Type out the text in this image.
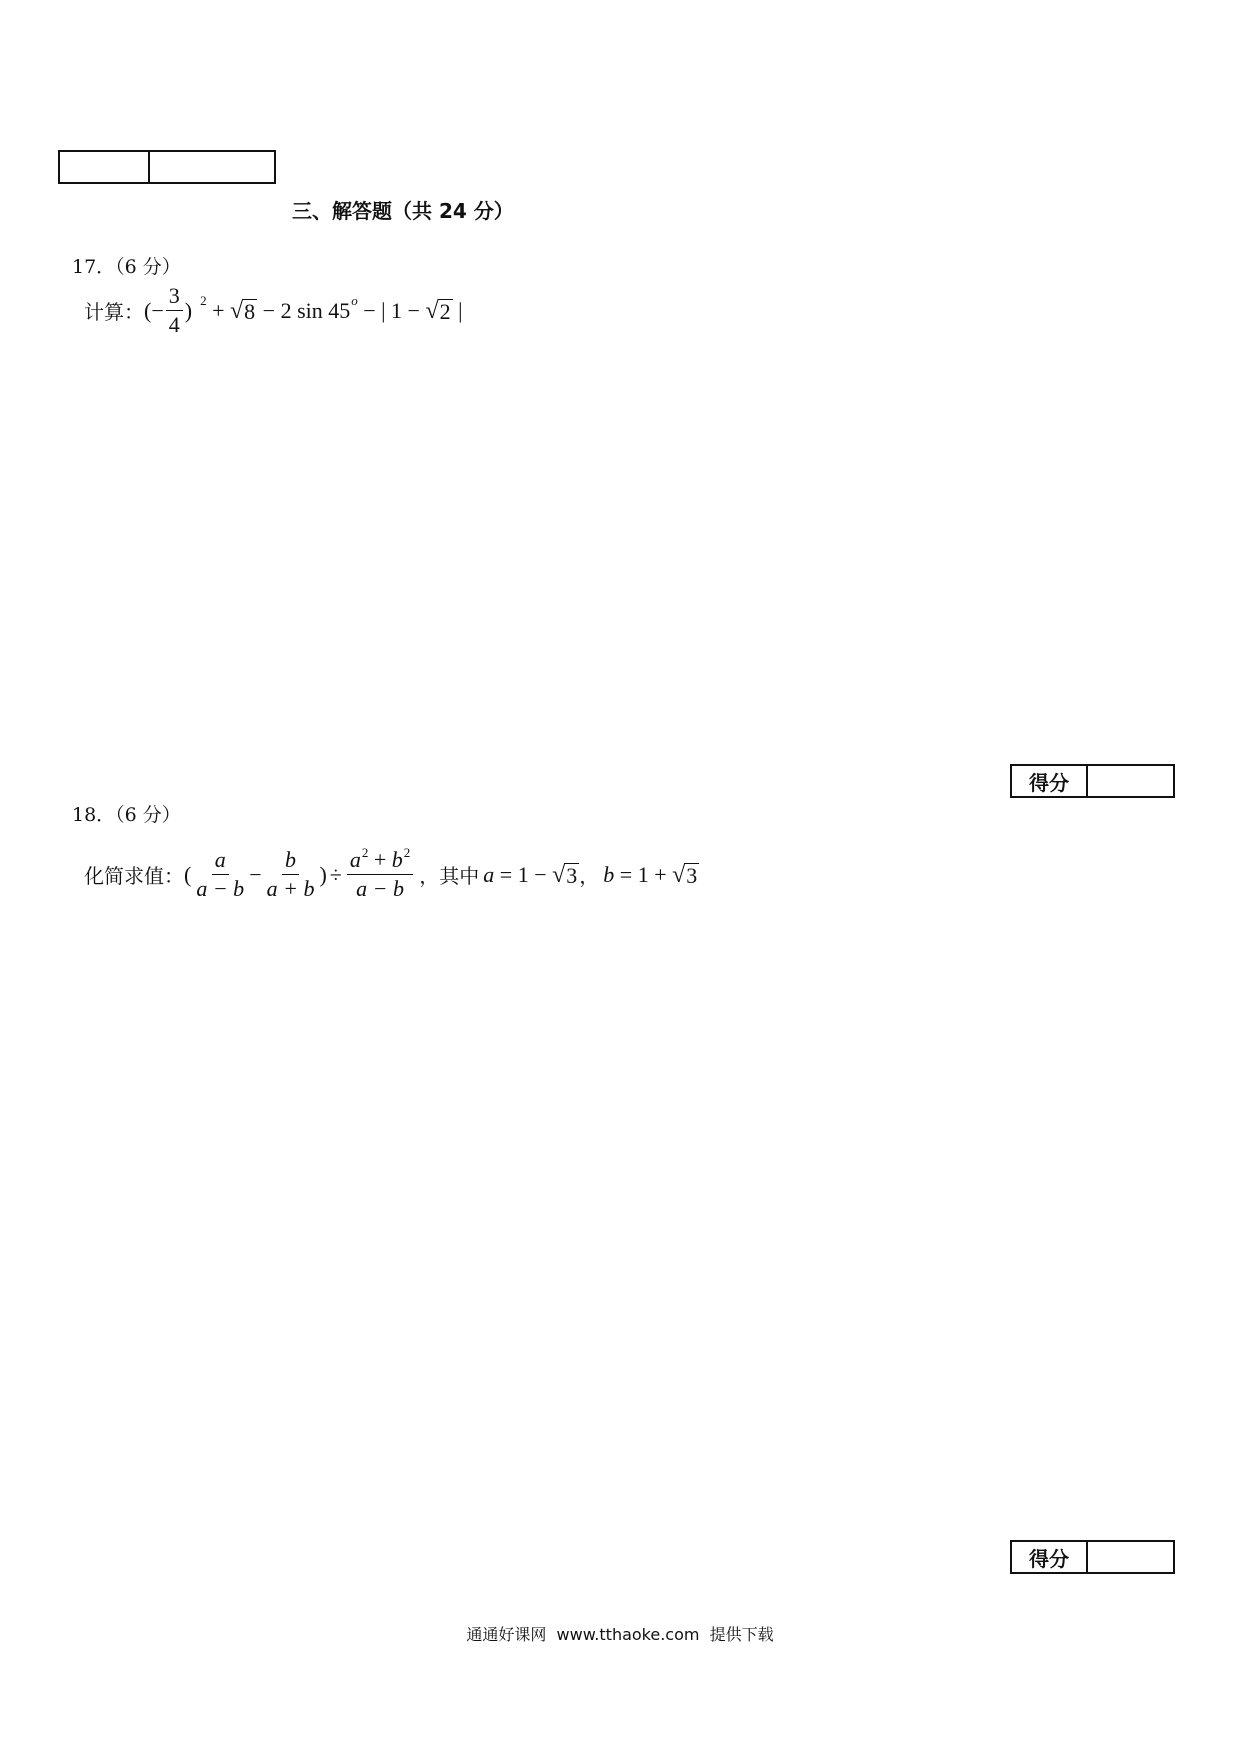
三、解答题（共 24 分）
17．（6 分）
计算： (− $\frac{3}{4}$ ) 2 + √ 8 − 2 sin 45 o − | 1 − √ 2 |
得分
18．（6 分）
化简求值： ( $\frac{a}{a - b} - \frac{b}{a + b}$ ) ÷ $\frac{a^2 + b^2}{a - b}$ ，其中 a = 1 − √ 3 ， b = 1 + √ 3
得分
通通好课网  www.tthaoke.com  提供下载
